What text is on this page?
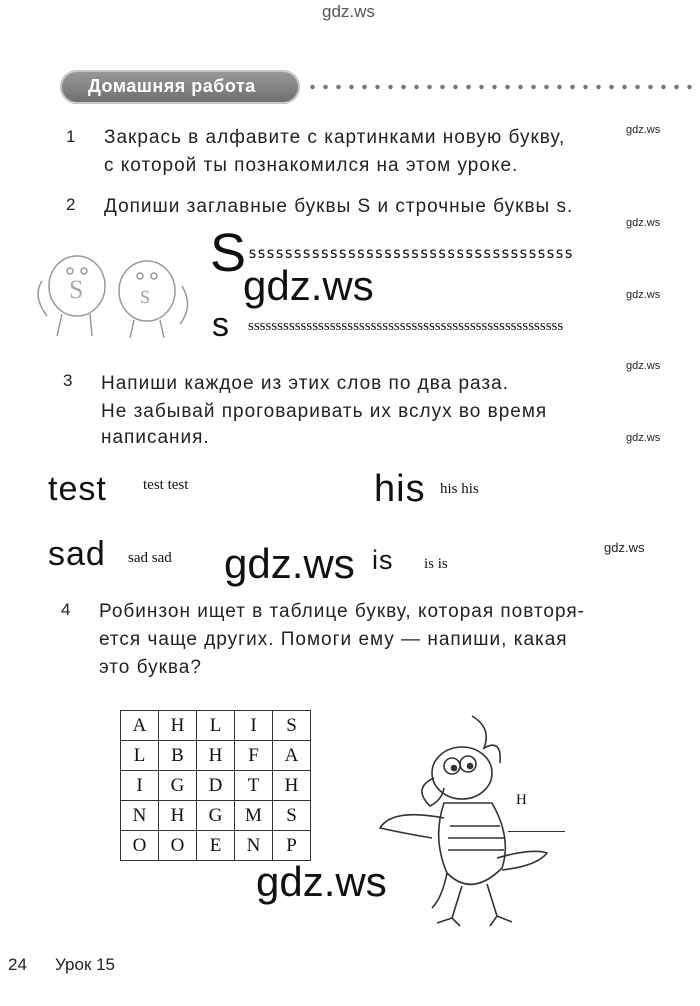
gdz.ws
Домашняя работа
1 Закрась в алфавите с картинками новую букву,
с которой ты познакомился на этом уроке.
gdz.ws
2 Допиши заглавные буквы S и строчные буквы s.
gdz.ws
S s
S ssssssssssssssssssssssssssssssssssss
gdz.ws	gdz.ws
s ssssssssssssssssssssssssssssssssssssssssssssssssssssss
gdz.ws
3 Напиши каждое из этих слов по два раза.
Не забывай проговаривать их вслух во время
написания.	gdz.ws
test test test	his his his
sad sad sad gdz.ws is is is
gdz.ws
4 Робинзон ищет в таблице букву, которая повторя-
ется чаще других. Помоги ему — напиши, какая
это буква?
A	H	L	I	S
L	B	H	F	A
I	G	D	T	H
N	H	G	M	S
O	O	E	N	P
H
gdz.ws
24 Урок 15
